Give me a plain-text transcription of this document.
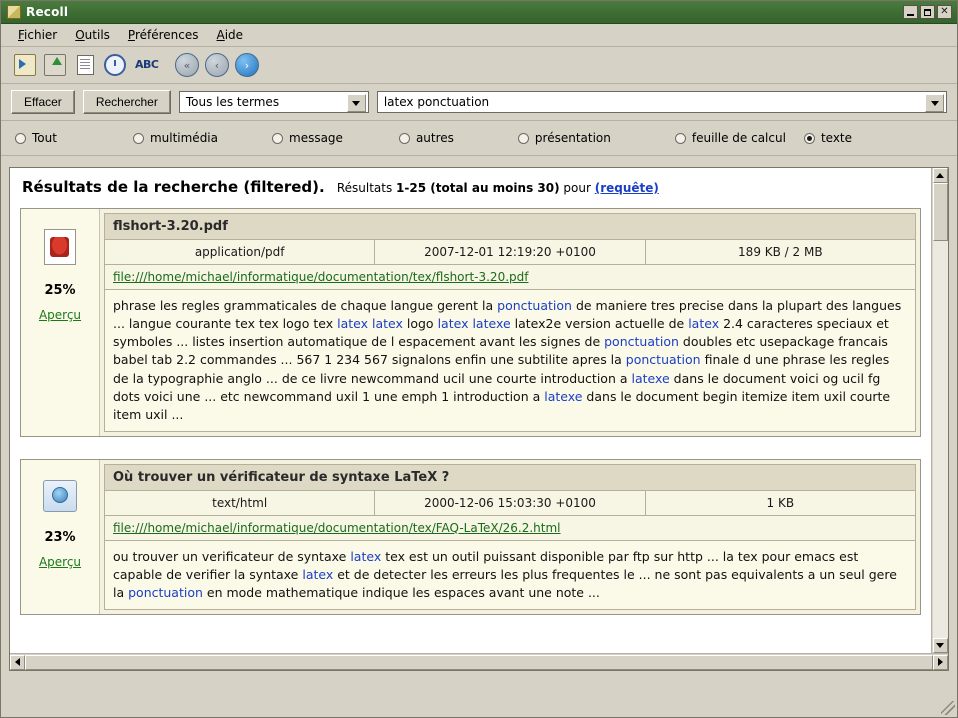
Recoll	✕
Fichier	Outils	Préférences	Aide
ABC	«	‹	›
Effacer	Rechercher	Tous les termes	latex ponctuation
Tout	multimédia	message	autres	présentation	feuille de calcul	texte
Résultats de la recherche (filtered). Résultats 1-25 (total au moins 30) pour (requête)
25%
Aperçu
flshort-3.20.pdf
application/pdf	2007-12-01 12:19:20 +0100	189 KB / 2 MB
file:///home/michael/informatique/documentation/tex/flshort-3.20.pdf
phrase les regles grammaticales de chaque langue gerent la ponctuation de maniere tres precise dans la plupart des langues ... langue courante tex tex logo tex latex latex logo latex latexe latex2e version actuelle de latex 2.4 caracteres speciaux et symboles ... listes insertion automatique de l espacement avant les signes de ponctuation doubles etc usepackage francais babel tab 2.2 commandes ... 567 1 234 567 signalons enfin une subtilite apres la ponctuation finale d une phrase les regles de la typographie anglo ... de ce livre newcommand ucil une courte introduction a latexe dans le document voici og ucil fg dots voici une ... etc newcommand uxil 1 une emph 1 introduction a latexe dans le document begin itemize item uxil courte item uxil ...
23%
Aperçu
Où trouver un vérificateur de syntaxe LaTeX ?
text/html	2000-12-06 15:03:30 +0100	1 KB
file:///home/michael/informatique/documentation/tex/FAQ-LaTeX/26.2.html
ou trouver un verificateur de syntaxe latex tex est un outil puissant disponible par ftp sur http ... la tex pour emacs est capable de verifier la syntaxe latex et de detecter les erreurs les plus frequentes le ... ne sont pas equivalents a un seul gere la ponctuation en mode mathematique indique les espaces avant une note ...
